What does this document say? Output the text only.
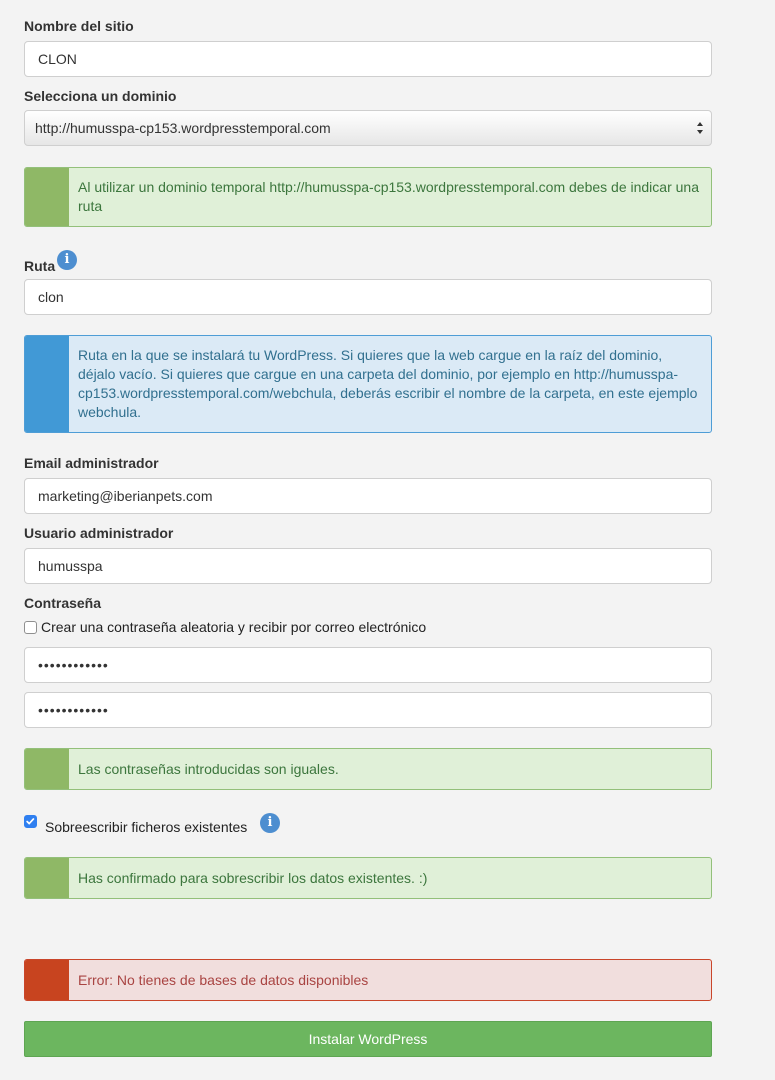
Nombre del sitio
CLON
Selecciona un dominio
http://humusspa-cp153.wordpresstemporal.com
Al utilizar un dominio temporal http://humusspa-cp153.wordpresstemporal.com debes de indicar una ruta
Ruta i
clon
Ruta en la que se instalará tu WordPress. Si quieres que la web cargue en la raíz del dominio, déjalo vacío. Si quieres que cargue en una carpeta del dominio, por ejemplo en http://humusspa-cp153.wordpresstemporal.com/webchula, deberás escribir el nombre de la carpeta, en este ejemplo webchula.
Email administrador
marketing@iberianpets.com
Usuario administrador
humusspa
Contraseña
Crear una contraseña aleatoria y recibir por correo electrónico
••••••••••••
••••••••••••
Las contraseñas introducidas son iguales.
Sobreescribir ficheros existentes	i
Has confirmado para sobrescribir los datos existentes. :)
Error: No tienes de bases de datos disponibles
Instalar WordPress
